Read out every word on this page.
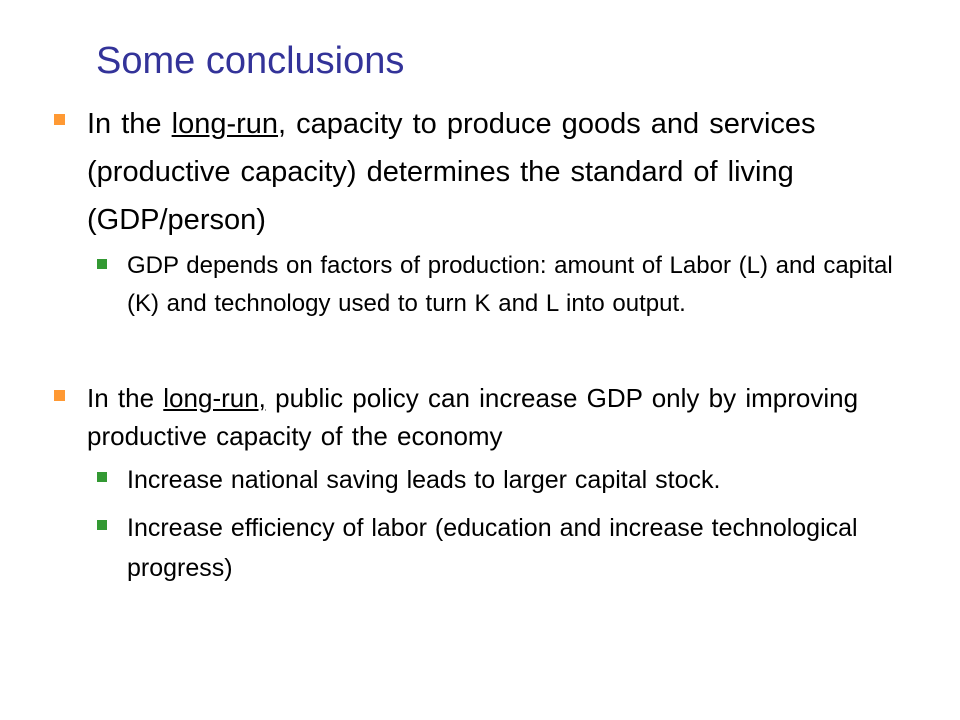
Some conclusions
In the long-run, capacity to produce goods and services (productive capacity) determines the standard of living (GDP/person)
GDP depends on factors of production: amount of Labor (L) and capital (K) and technology used to turn K and L into output.
In the long-run, public policy can increase GDP only by improving productive capacity of the economy
Increase national saving leads to larger capital stock.
Increase efficiency of labor (education and increase technological progress)
